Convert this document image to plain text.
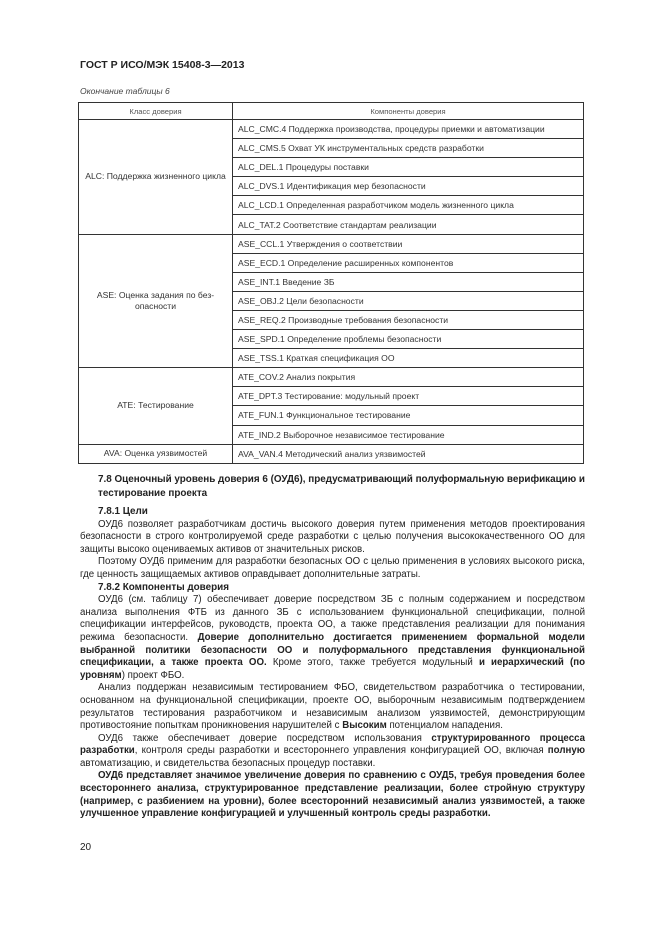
ГОСТ Р ИСО/МЭК 15408-3—2013
Окончание таблицы 6
Класс доверия	Компоненты доверия
ALC: Поддержка жизненного цикла	ALC_CMC.4 Поддержка производства, процедуры приемки и автоматизации
	ALC_CMS.5 Охват УК инструментальных средств разработки
	ALC_DEL.1 Процедуры поставки
	ALC_DVS.1 Идентификация мер безопасности
	ALC_LCD.1 Определенная разработчиком модель жизненного цикла
	ALC_TAT.2 Соответствие стандартам реализации
ASE: Оценка задания по безопасности	ASE_CCL.1 Утверждения о соответствии
	ASE_ECD.1 Определение расширенных компонентов
	ASE_INT.1 Введение ЗБ
	ASE_OBJ.2 Цели безопасности
	ASE_REQ.2 Производные требования безопасности
	ASE_SPD.1 Определение проблемы безопасности
	ASE_TSS.1 Краткая спецификация ОО
ATE: Тестирование	ATE_COV.2 Анализ покрытия
	ATE_DPT.3 Тестирование: модульный проект
	ATE_FUN.1 Функциональное тестирование
	ATE_IND.2 Выборочное независимое тестирование
AVA: Оценка уязвимостей	AVA_VAN.4 Методический анализ уязвимостей
7.8 Оценочный уровень доверия 6 (ОУД6), предусматривающий полуформальную верификацию и тестирование проекта
7.8.1 Цели

ОУД6 позволяет разработчикам достичь высокого доверия путем применения методов проектирования безопасности в строго контролируемой среде разработки с целью получения высококачественного ОО для защиты высоко оцениваемых активов от значительных рисков.

Поэтому ОУД6 применим для разработки безопасных ОО с целью применения в условиях высокого риска, где ценность защищаемых активов оправдывает дополнительные затраты.

7.8.2 Компоненты доверия

ОУД6 (см. таблицу 7) обеспечивает доверие посредством ЗБ с полным содержанием и посредством анализа выполнения ФТБ из данного ЗБ с использованием функциональной спецификации, полной спецификации интерфейсов, руководств, проекта ОО, а также представления реализации для понимания режима безопасности. Доверие дополнительно достигается применением формальной модели выбранной политики безопасности ОО и полуформального представления функциональной спецификации, а также проекта ОО. Кроме этого, также требуется модульный и иерархический (по уровням) проект ФБО.

Анализ поддержан независимым тестированием ФБО, свидетельством разработчика о тестировании, основанном на функциональной спецификации, проекте ОО, выборочным независимым подтверждением результатов тестирования разработчиком и независимым анализом уязвимостей, демонстрирующим противостояние попыткам проникновения нарушителей с Высоким потенциалом нападения.

ОУД6 также обеспечивает доверие посредством использования структурированного процесса разработки, контроля среды разработки и всестороннего управления конфигурацией ОО, включая полную автоматизацию, и свидетельства безопасных процедур поставки.

ОУД6 представляет значимое увеличение доверия по сравнению с ОУД5, требуя проведения более всестороннего анализа, структурированное представление реализации, более стройную структуру (например, с разбиением на уровни), более всесторонний независимый анализ уязвимостей, а также улучшенное управление конфигурацией и улучшенный контроль среды разработки.

20
